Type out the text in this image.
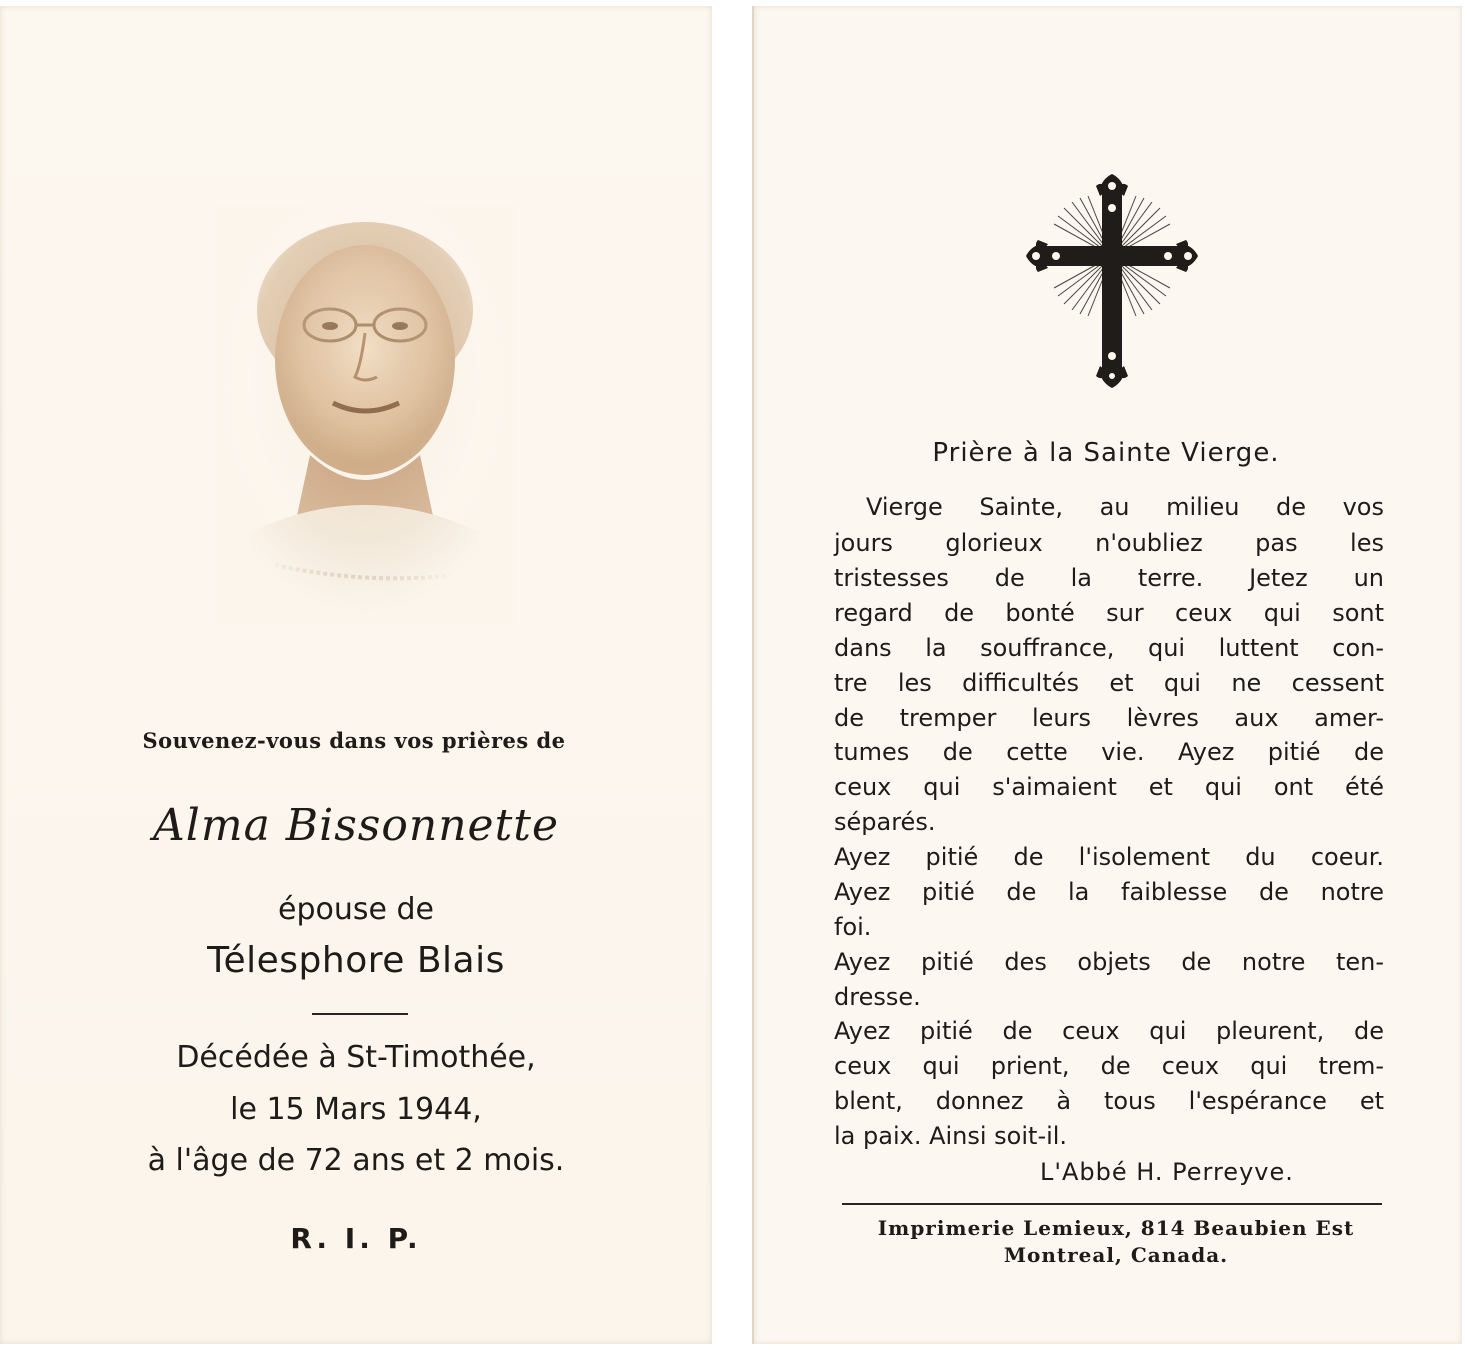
Souvenez-vous dans vos prières de
Alma Bissonnette
épouse de
Télesphore Blais
Décédée à St-Timothée,
le 15 Mars 1944,
à l'âge de 72 ans et 2 mois.
R. I. P.
Prière à la Sainte Vierge.
Vierge Sainte, au milieu de vos
jours glorieux n'oubliez pas les
tristesses de la terre. Jetez un
regard de bonté sur ceux qui sont
dans la souffrance, qui luttent con-
tre les difficultés et qui ne cessent
de tremper leurs lèvres aux amer-
tumes de cette vie. Ayez pitié de
ceux qui s'aimaient et qui ont été
séparés.
Ayez pitié de l'isolement du coeur.
Ayez pitié de la faiblesse de notre
foi.
Ayez pitié des objets de notre ten-
dresse.
Ayez pitié de ceux qui pleurent, de
ceux qui prient, de ceux qui trem-
blent, donnez à tous l'espérance et
la paix. Ainsi soit-il.
L'Abbé H. Perreyve.
Imprimerie Lemieux, 814 Beaubien Est
Montreal, Canada.
